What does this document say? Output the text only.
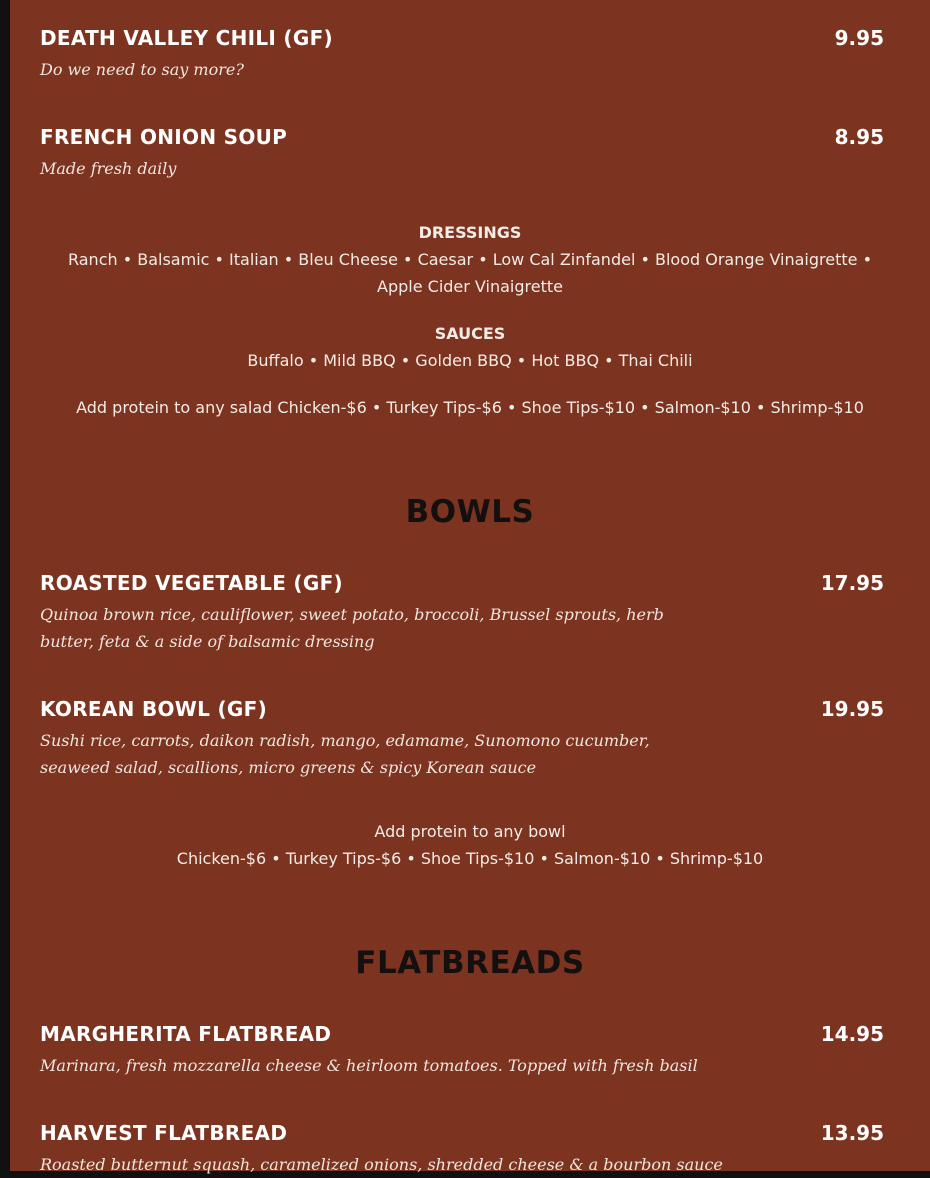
DEATH VALLEY CHILI (GF)	9.95
Do we need to say more?
FRENCH ONION SOUP	8.95
Made fresh daily
DRESSINGS
Ranch • Balsamic • Italian • Bleu Cheese • Caesar • Low Cal Zinfandel • Blood Orange Vinaigrette • Apple Cider Vinaigrette
SAUCES
Buffalo • Mild BBQ • Golden BBQ • Hot BBQ • Thai Chili
Add protein to any salad Chicken-$6 • Turkey Tips-$6 • Shoe Tips-$10 • Salmon-$10 • Shrimp-$10
BOWLS
ROASTED VEGETABLE (GF)	17.95
Quinoa brown rice, cauliflower, sweet potato, broccoli, Brussel sprouts, herb butter, feta & a side of balsamic dressing
KOREAN BOWL (GF)	19.95
Sushi rice, carrots, daikon radish, mango, edamame, Sunomono cucumber, seaweed salad, scallions, micro greens & spicy Korean sauce
Add protein to any bowl
Chicken-$6 • Turkey Tips-$6 • Shoe Tips-$10 • Salmon-$10 • Shrimp-$10
FLATBREADS
MARGHERITA FLATBREAD	14.95
Marinara, fresh mozzarella cheese & heirloom tomatoes. Topped with fresh basil
HARVEST FLATBREAD	13.95
Roasted butternut squash, caramelized onions, shredded cheese & a bourbon sauce
